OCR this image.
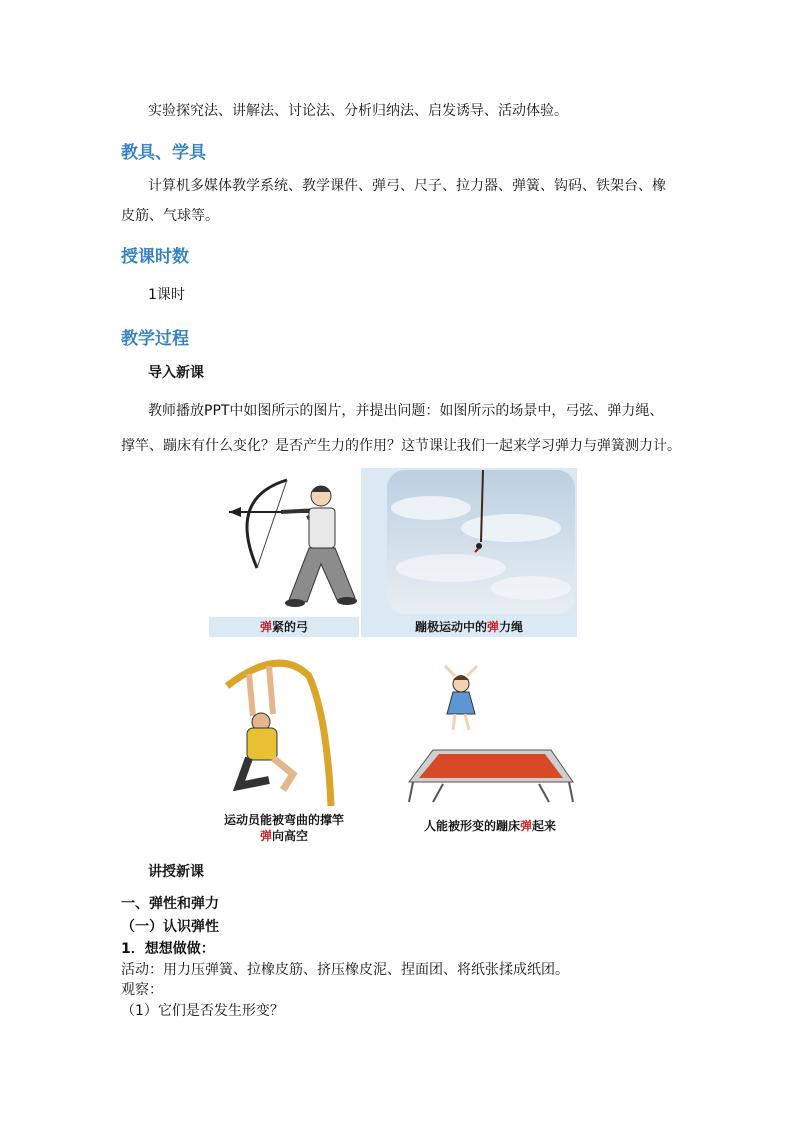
实验探究法、讲解法、讨论法、分析归纳法、启发诱导、活动体验。
教具、学具
计算机多媒体教学系统、教学课件、弹弓、尺子、拉力器、弹簧、钩码、铁架台、橡
皮筋、气球等。
授课时数
1课时
教学过程
导入新课
教师播放PPT中如图所示的图片，并提出问题：如图所示的场景中，弓弦、弹力绳、
撑竿、蹦床有什么变化？是否产生力的作用？这节课让我们一起来学习弹力与弹簧测力计。
弹紧的弓	蹦极运动中的弹力绳
运动员能被弯曲的撑竿
弹向高空
人能被形变的蹦床弹起来
讲授新课
一、弹性和弹力
（一）认识弹性
1．想想做做：
活动：用力压弹簧、拉橡皮筋、挤压橡皮泥、捏面团、将纸张揉成纸团。
观察：
（1）它们是否发生形变？
